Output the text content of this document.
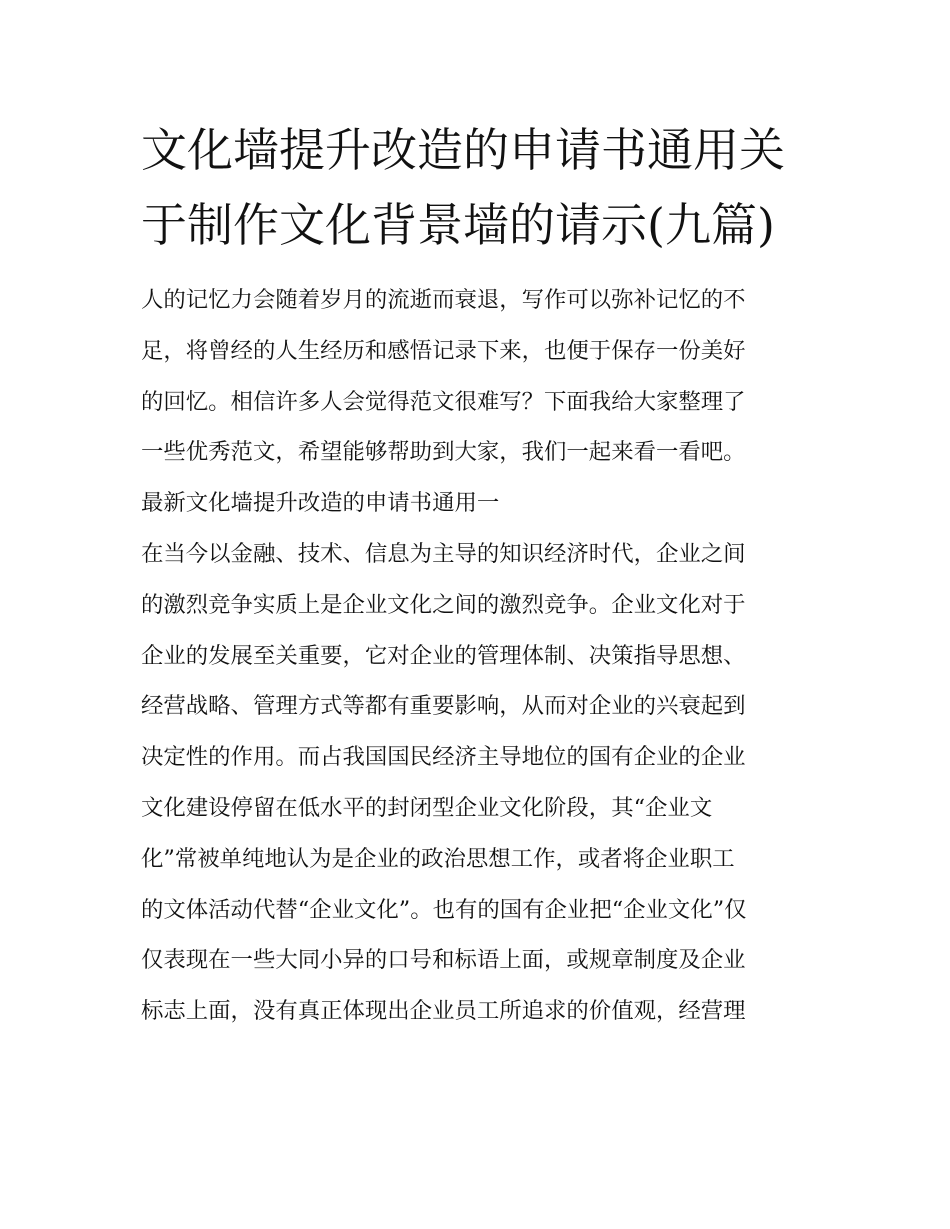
文化墙提升改造的申请书通用关于制作文化背景墙的请示(九篇)
人的记忆力会随着岁月的流逝而衰退，写作可以弥补记忆的不
足，将曾经的人生经历和感悟记录下来，也便于保存一份美好
的回忆。相信许多人会觉得范文很难写？下面我给大家整理了
一些优秀范文，希望能够帮助到大家，我们一起来看一看吧。
最新文化墙提升改造的申请书通用一
在当今以金融、技术、信息为主导的知识经济时代，企业之间
的激烈竞争实质上是企业文化之间的激烈竞争。企业文化对于
企业的发展至关重要，它对企业的管理体制、决策指导思想、
经营战略、管理方式等都有重要影响，从而对企业的兴衰起到
决定性的作用。而占我国国民经济主导地位的国有企业的企业
文化建设停留在低水平的封闭型企业文化阶段，其“企业文
化”常被单纯地认为是企业的政治思想工作，或者将企业职工
的文体活动代替“企业文化”。也有的国有企业把“企业文化”仅
仅表现在一些大同小异的口号和标语上面，或规章制度及企业
标志上面，没有真正体现出企业员工所追求的价值观，经营理
